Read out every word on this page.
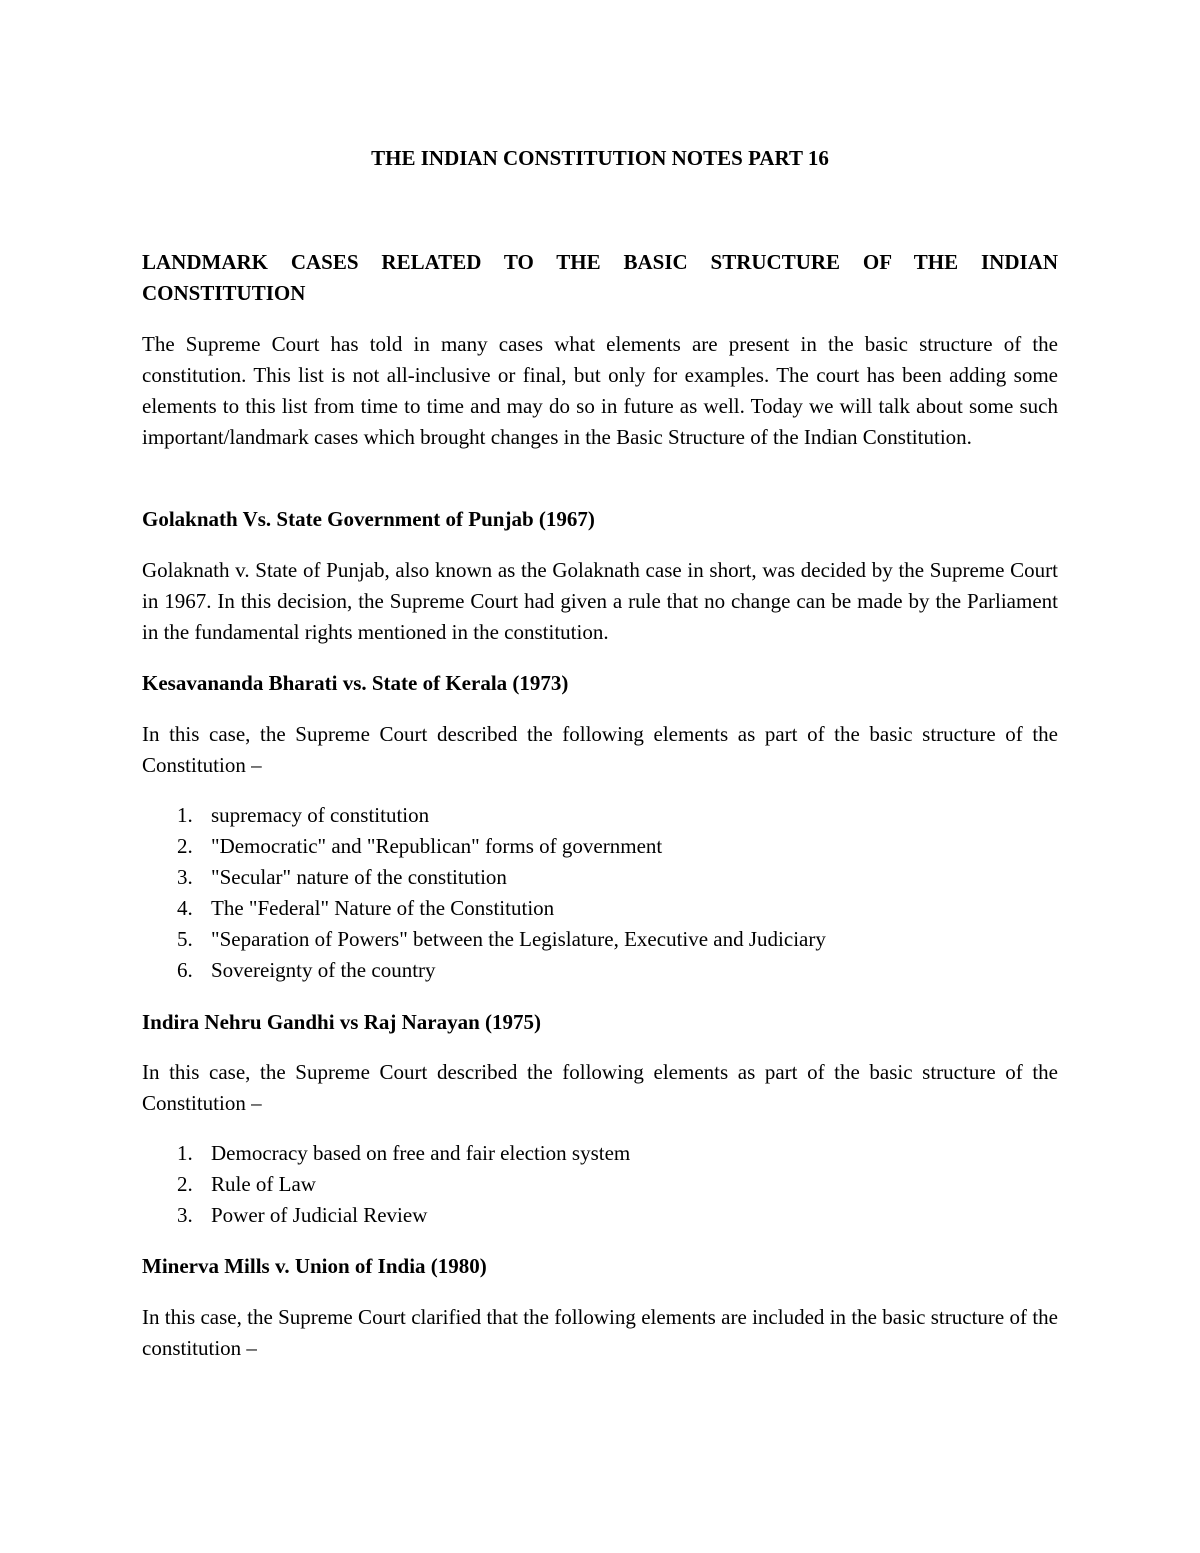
THE INDIAN CONSTITUTION NOTES PART 16
LANDMARK CASES RELATED TO THE BASIC STRUCTURE OF THE INDIAN CONSTITUTION

The Supreme Court has told in many cases what elements are present in the basic structure of the constitution. This list is not all-inclusive or final, but only for examples. The court has been adding some elements to this list from time to time and may do so in future as well. Today we will talk about some such important/landmark cases which brought changes in the Basic Structure of the Indian Constitution.

Golaknath Vs. State Government of Punjab (1967)

Golaknath v. State of Punjab, also known as the Golaknath case in short, was decided by the Supreme Court in 1967. In this decision, the Supreme Court had given a rule that no change can be made by the Parliament in the fundamental rights mentioned in the constitution.

Kesavananda Bharati vs. State of Kerala (1973)

In this case, the Supreme Court described the following elements as part of the basic structure of the Constitution –

1. supremacy of constitution
2. "Democratic" and "Republican" forms of government
3. "Secular" nature of the constitution
4. The "Federal" Nature of the Constitution
5. "Separation of Powers" between the Legislature, Executive and Judiciary
6. Sovereignty of the country
Indira Nehru Gandhi vs Raj Narayan (1975)

In this case, the Supreme Court described the following elements as part of the basic structure of the Constitution –

1. Democracy based on free and fair election system
2. Rule of Law
3. Power of Judicial Review
Minerva Mills v. Union of India (1980)

In this case, the Supreme Court clarified that the following elements are included in the basic structure of the constitution –
